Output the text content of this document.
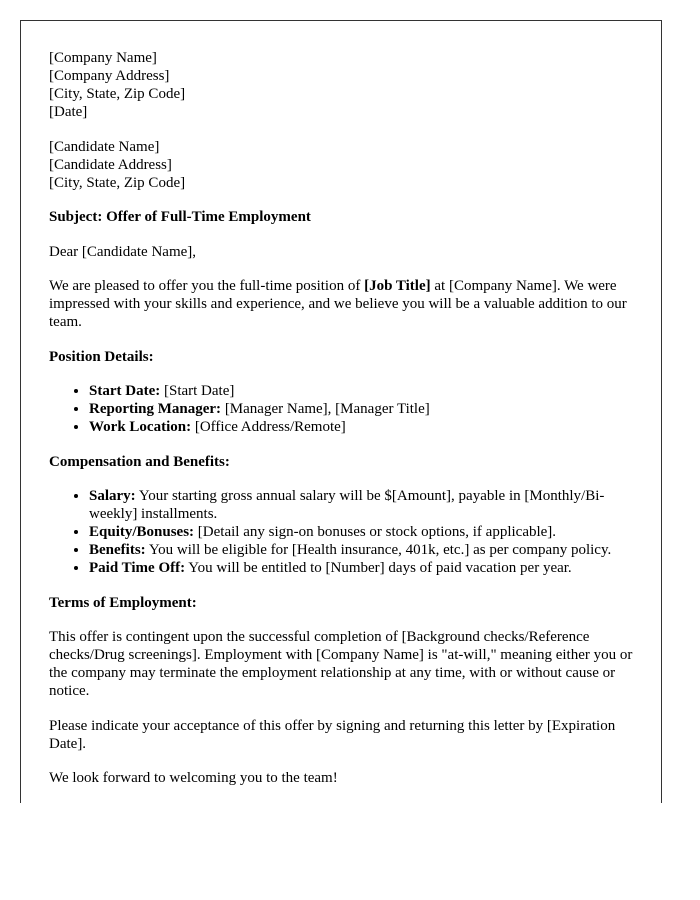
[Company Name]
[Company Address]
[City, State, Zip Code]
[Date]

[Candidate Name]
[Candidate Address]
[City, State, Zip Code]

Subject: Offer of Full-Time Employment

Dear [Candidate Name],

We are pleased to offer you the full-time position of [Job Title] at [Company Name]. We were impressed with your skills and experience, and we believe you will be a valuable addition to our team.

Position Details:

• Start Date: [Start Date]
• Reporting Manager: [Manager Name], [Manager Title]
• Work Location: [Office Address/Remote]

Compensation and Benefits:

• Salary: Your starting gross annual salary will be $[Amount], payable in [Monthly/Bi-weekly] installments.
• Equity/Bonuses: [Detail any sign-on bonuses or stock options, if applicable].
• Benefits: You will be eligible for [Health insurance, 401k, etc.] as per company policy.
• Paid Time Off: You will be entitled to [Number] days of paid vacation per year.

Terms of Employment:

This offer is contingent upon the successful completion of [Background checks/Reference checks/Drug screenings]. Employment with [Company Name] is "at-will," meaning either you or the company may terminate the employment relationship at any time, with or without cause or notice.

Please indicate your acceptance of this offer by signing and returning this letter by [Expiration Date].

We look forward to welcoming you to the team!
